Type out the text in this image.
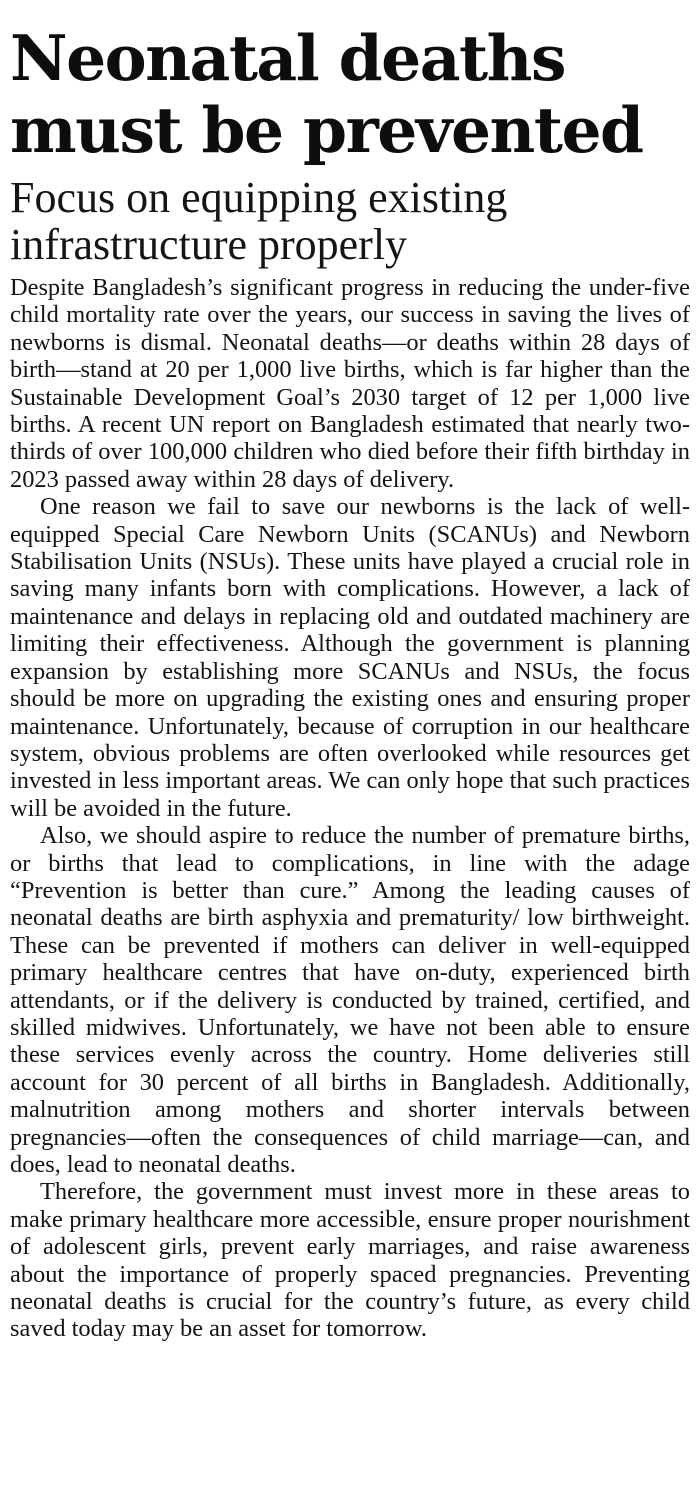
Neonatal deaths
must be prevented
Focus on equipping existing
infrastructure properly

Despite Bangladesh’s significant progress in reducing the under-five child mortality rate over the years, our success in saving the lives of newborns is dismal. Neonatal deaths—or deaths within 28 days of birth—stand at 20 per 1,000 live births, which is far higher than the Sustainable Development Goal’s 2030 target of 12 per 1,000 live births. A recent UN report on Bangladesh estimated that nearly two-thirds of over 100,000 children who died before their fifth birthday in 2023 passed away within 28 days of delivery.

One reason we fail to save our newborns is the lack of well-equipped Special Care Newborn Units (SCANUs) and Newborn Stabilisation Units (NSUs). These units have played a crucial role in saving many infants born with complications. However, a lack of maintenance and delays in replacing old and outdated machinery are limiting their effectiveness. Although the government is planning expansion by establishing more SCANUs and NSUs, the focus should be more on upgrading the existing ones and ensuring proper maintenance. Unfortunately, because of corruption in our healthcare system, obvious problems are often overlooked while resources get invested in less important areas. We can only hope that such practices will be avoided in the future.

Also, we should aspire to reduce the number of premature births, or births that lead to complications, in line with the adage “Prevention is better than cure.” Among the leading causes of neonatal deaths are birth asphyxia and prematurity/ low birthweight. These can be prevented if mothers can deliver in well-equipped primary healthcare centres that have on-duty, experienced birth attendants, or if the delivery is conducted by trained, certified, and skilled midwives. Unfortunately, we have not been able to ensure these services evenly across the country. Home deliveries still account for 30 percent of all births in Bangladesh. Additionally, malnutrition among mothers and shorter intervals between pregnancies—often the consequences of child marriage—can, and does, lead to neonatal deaths.

Therefore, the government must invest more in these areas to make primary healthcare more accessible, ensure proper nourishment of adolescent girls, prevent early marriages, and raise awareness about the importance of properly spaced pregnancies. Preventing neonatal deaths is crucial for the country’s future, as every child saved today may be an asset for tomorrow.
